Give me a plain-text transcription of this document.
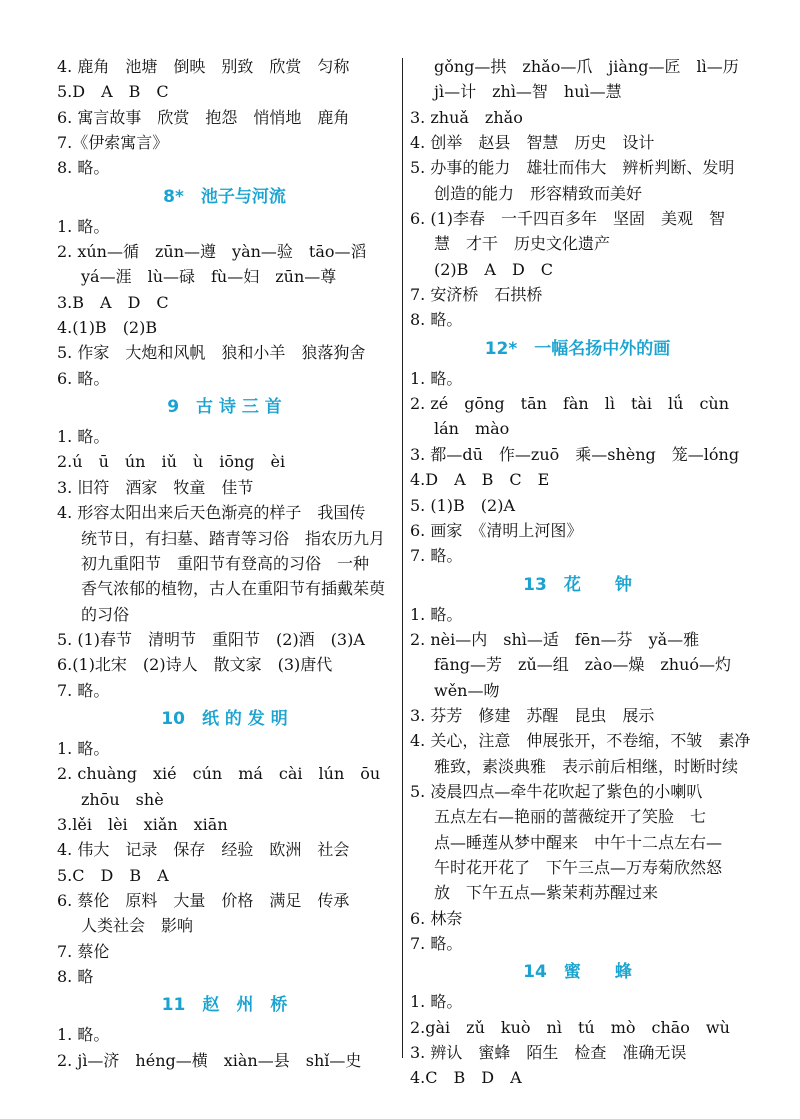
4. 鹿角　池塘　倒映　别致　欣赏　匀称
5.D　A　B　C
6. 寓言故事　欣赏　抱怨　悄悄地　鹿角
7.《伊索寓言》
8. 略。
8*　池子与河流
1. 略。
2. xún—循　zūn—遵　yàn—验　tāo—滔
yá—涯　lù—碌　fù—妇　zūn—尊
3.B　A　D　C
4.(1)B　(2)B
5. 作家　大炮和风帆　狼和小羊　狼落狗舍
6. 略。
9　古 诗 三 首
1. 略。
2.ú　ū　ún　iǔ　ù　iōng　èi
3. 旧符　酒家　牧童　佳节
4. 形容太阳出来后天色渐亮的样子　我国传
统节日，有扫墓、踏青等习俗　指农历九月
初九重阳节　重阳节有登高的习俗　一种
香气浓郁的植物，古人在重阳节有插戴茱萸
的习俗
5. (1)春节　清明节　重阳节　(2)酒　(3)A
6.(1)北宋　(2)诗人　散文家　(3)唐代
7. 略。
10　纸 的 发 明
1. 略。
2. chuàng　xié　cún　má　cài　lún　ōu
zhōu　shè
3.lěi　lèi　xiǎn　xiān
4. 伟大　记录　保存　经验　欧洲　社会
5.C　D　B　A
6. 蔡伦　原料　大量　价格　满足　传承
人类社会　影响
7. 蔡伦
8. 略
11　赵　州　桥
1. 略。
2. jì—济　héng—横　xiàn—县　shǐ—史
gǒng—拱　zhǎo—爪　jiàng—匠　lì—历
jì—计　zhì—智　huì—慧
3. zhuǎ　zhǎo
4. 创举　赵县　智慧　历史　设计
5. 办事的能力　雄壮而伟大　辨析判断、发明
创造的能力　形容精致而美好
6. (1)李春　一千四百多年　坚固　美观　智
慧　才干　历史文化遗产
(2)B　A　D　C
7. 安济桥　石拱桥
8. 略。
12*　一幅名扬中外的画
1. 略。
2. zé　gōng　tān　fàn　lì　tài　lǘ　cùn
lán　mào
3. 都—dū　作—zuō　乘—shèng　笼—lóng
4.D　A　B　C　E
5. (1)B　(2)A
6. 画家　《清明上河图》
7. 略。
13　花　　钟
1. 略。
2. nèi—内　shì—适　fēn—芬　yǎ—雅
fāng—芳　zǔ—组　zào—燥　zhuó—灼
wěn—吻
3. 芬芳　修建　苏醒　昆虫　展示
4. 关心，注意　伸展张开，不卷缩，不皱　素净
雅致，素淡典雅　表示前后相继，时断时续
5. 凌晨四点—牵牛花吹起了紫色的小喇叭
五点左右—艳丽的蔷薇绽开了笑脸　七
点—睡莲从梦中醒来　中午十二点左右—
午时花开花了　下午三点—万寿菊欣然怒
放　下午五点—紫茉莉苏醒过来
6. 林奈
7. 略。
14　蜜　　蜂
1. 略。
2.gài　zǔ　kuò　nì　tú　mò　chāo　wù
3. 辨认　蜜蜂　陌生　检查　准确无误
4.C　B　D　A
